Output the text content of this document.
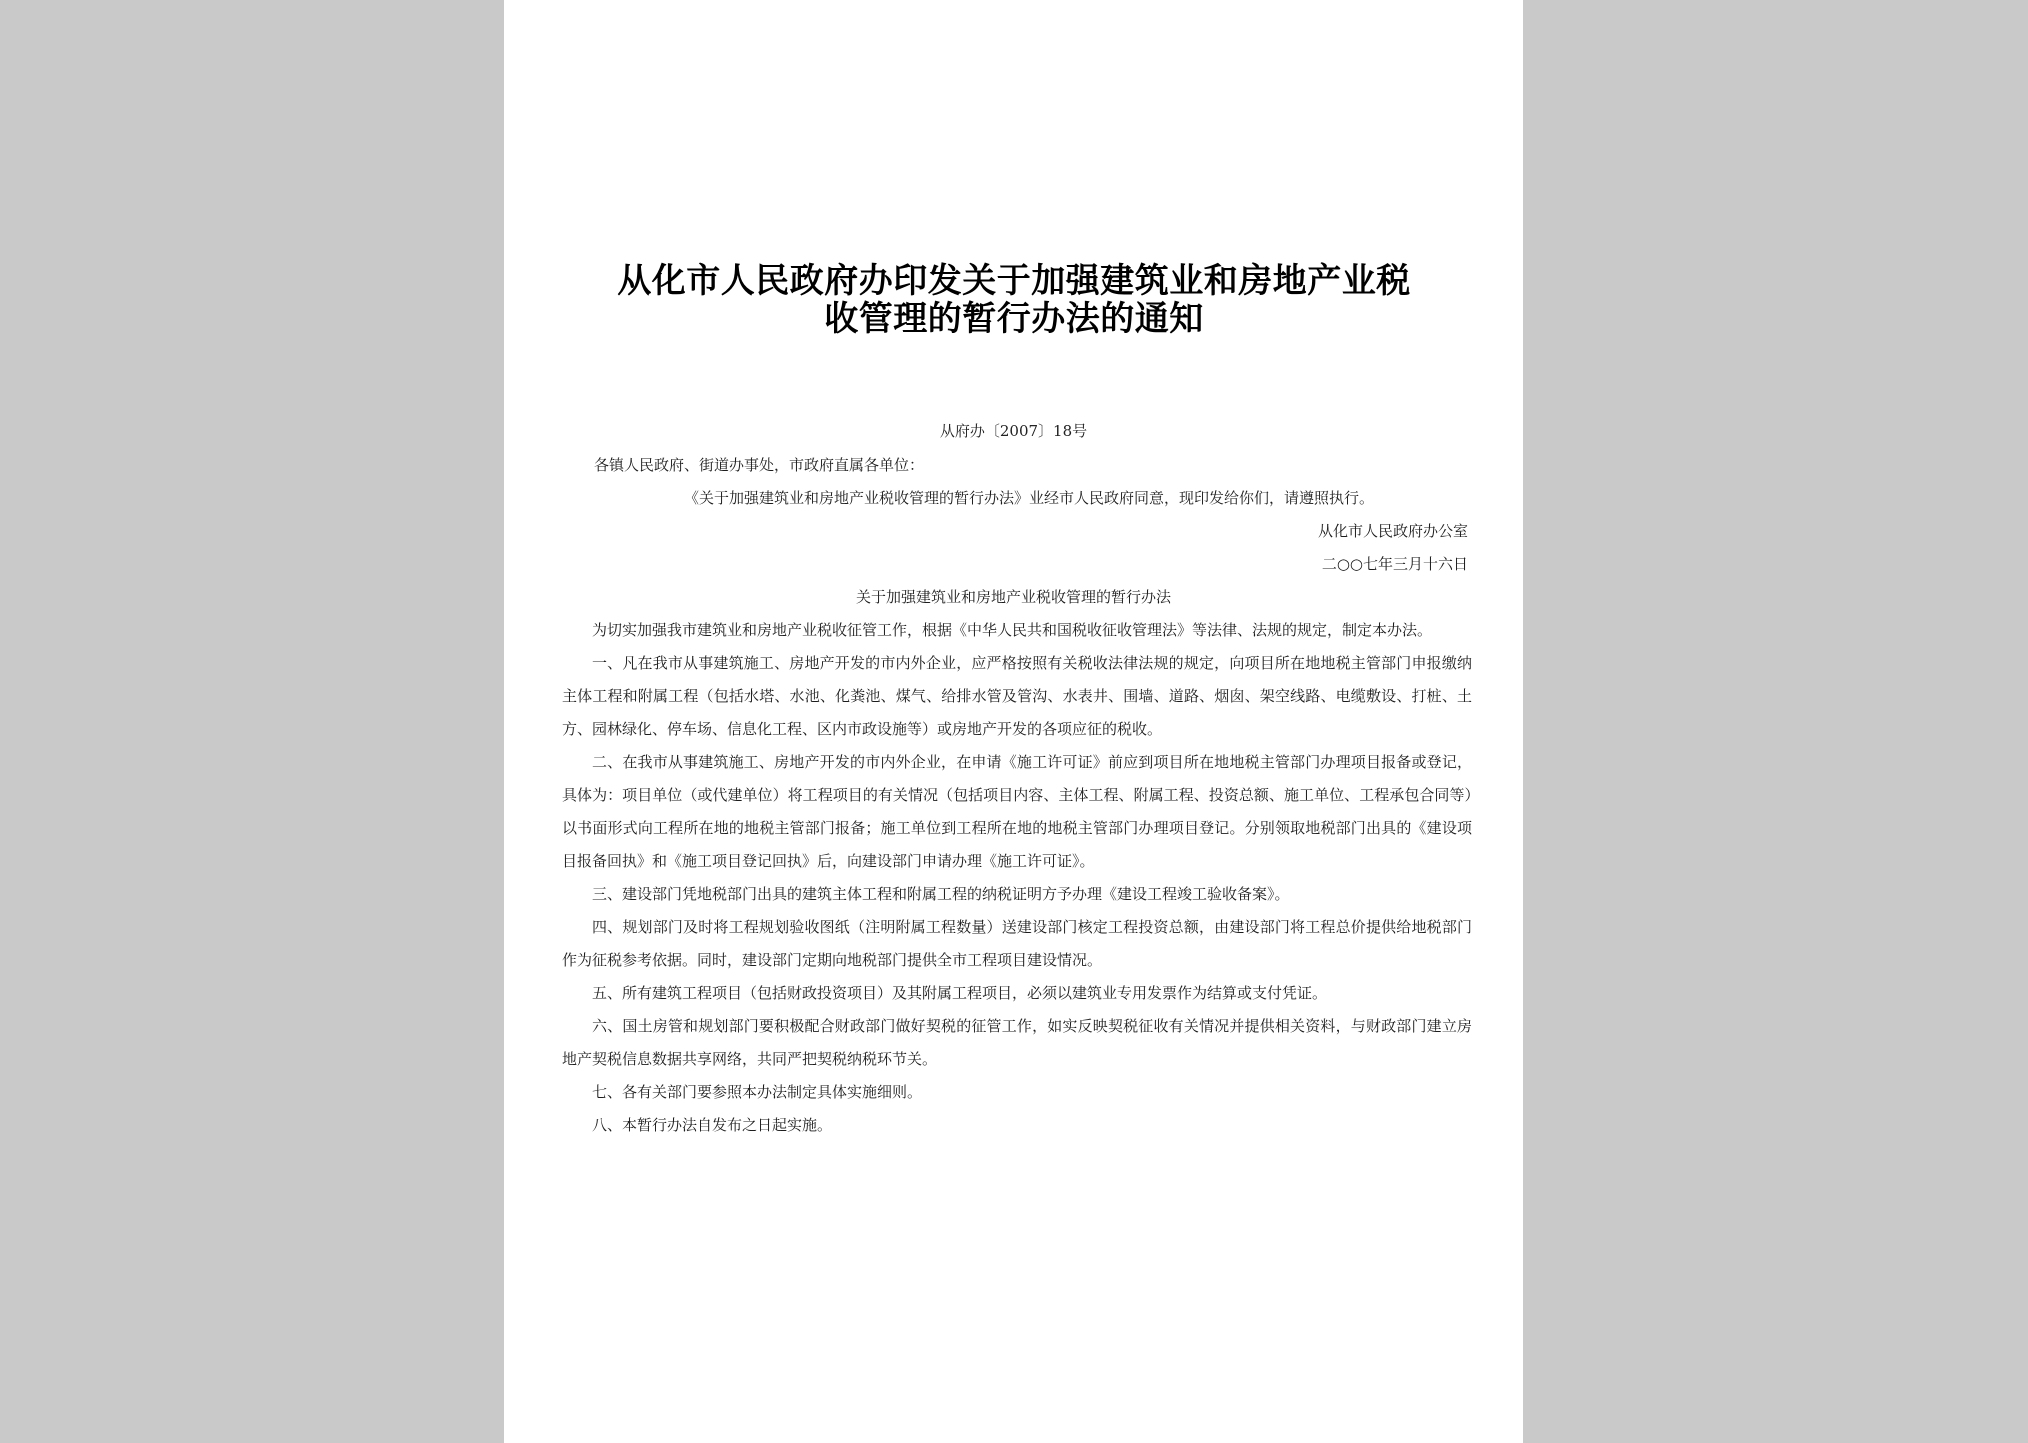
从化市人民政府办印发关于加强建筑业和房地产业税
收管理的暂行办法的通知
从府办〔2007〕18号
各镇人民政府、街道办事处，市政府直属各单位：
《关于加强建筑业和房地产业税收管理的暂行办法》业经市人民政府同意，现印发给你们，请遵照执行。
从化市人民政府办公室
二○○七年三月十六日
关于加强建筑业和房地产业税收管理的暂行办法

为切实加强我市建筑业和房地产业税收征管工作，根据《中华人民共和国税收征收管理法》等法律、法规的规定，制定本办法。

一、凡在我市从事建筑施工、房地产开发的市内外企业，应严格按照有关税收法律法规的规定，向项目所在地地税主管部门申报缴纳主体工程和附属工程（包括水塔、水池、化粪池、煤气、给排水管及管沟、水表井、围墙、道路、烟囱、架空线路、电缆敷设、打桩、土方、园林绿化、停车场、信息化工程、区内市政设施等）或房地产开发的各项应征的税收。

二、在我市从事建筑施工、房地产开发的市内外企业，在申请《施工许可证》前应到项目所在地地税主管部门办理项目报备或登记，具体为：项目单位（或代建单位）将工程项目的有关情况（包括项目内容、主体工程、附属工程、投资总额、施工单位、工程承包合同等）以书面形式向工程所在地的地税主管部门报备；施工单位到工程所在地的地税主管部门办理项目登记。分别领取地税部门出具的《建设项目报备回执》和《施工项目登记回执》后，向建设部门申请办理《施工许可证》。

三、建设部门凭地税部门出具的建筑主体工程和附属工程的纳税证明方予办理《建设工程竣工验收备案》。

四、规划部门及时将工程规划验收图纸（注明附属工程数量）送建设部门核定工程投资总额，由建设部门将工程总价提供给地税部门作为征税参考依据。同时，建设部门定期向地税部门提供全市工程项目建设情况。

五、所有建筑工程项目（包括财政投资项目）及其附属工程项目，必须以建筑业专用发票作为结算或支付凭证。

六、国土房管和规划部门要积极配合财政部门做好契税的征管工作，如实反映契税征收有关情况并提供相关资料，与财政部门建立房地产契税信息数据共享网络，共同严把契税纳税环节关。

七、各有关部门要参照本办法制定具体实施细则。

八、本暂行办法自发布之日起实施。
